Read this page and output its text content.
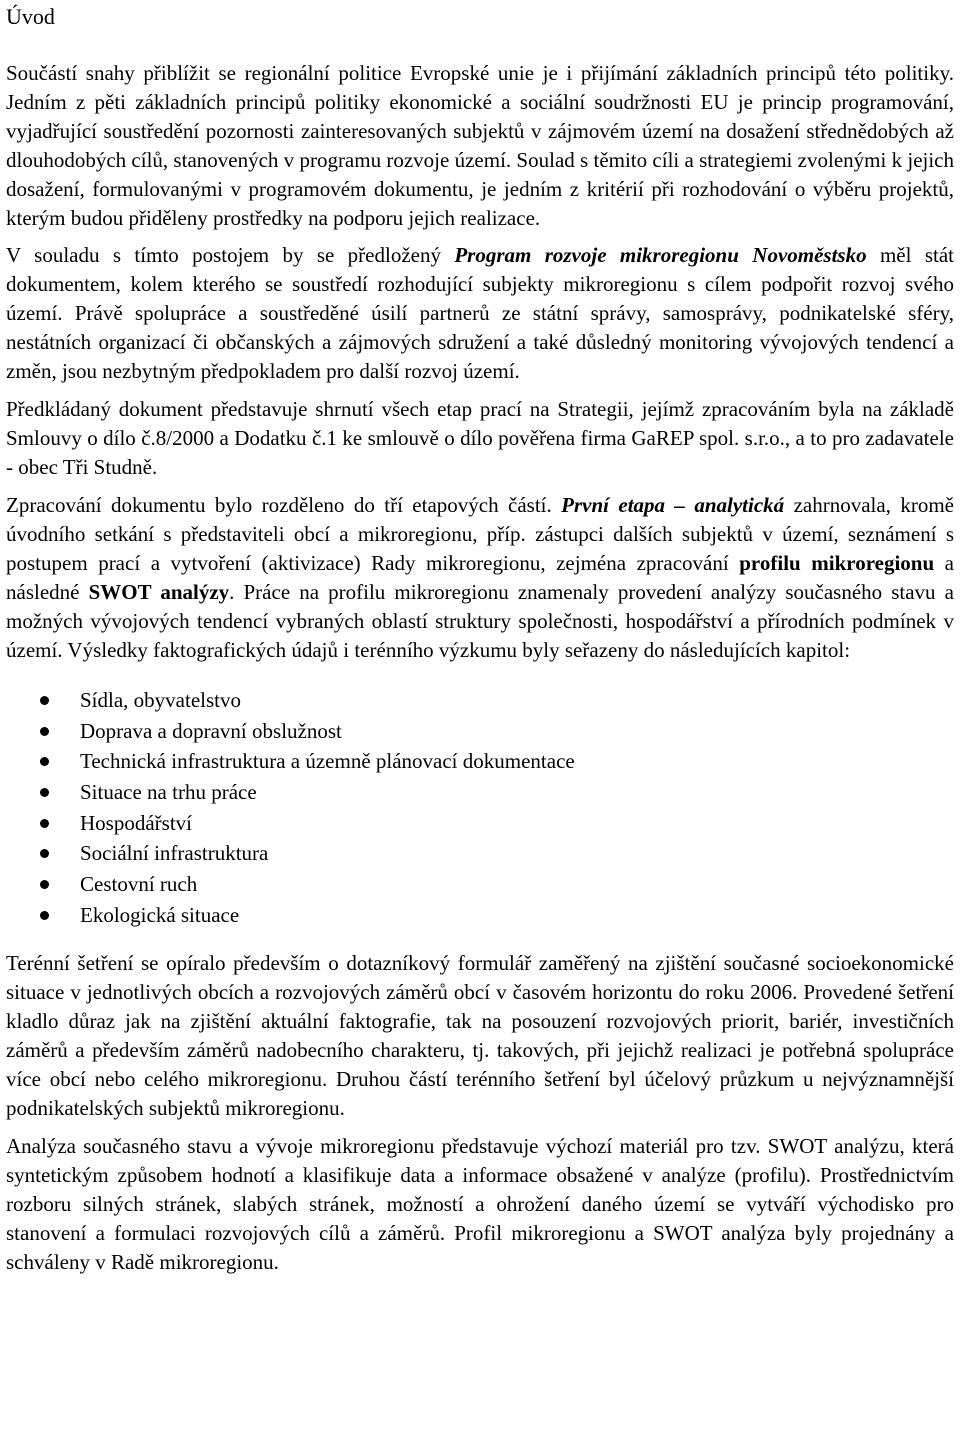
Úvod

Součástí snahy přiblížit se regionální politice Evropské unie je i přijímání základních principů této politiky. Jedním z pěti základních principů politiky ekonomické a sociální soudržnosti EU je princip programování, vyjadřující soustředění pozornosti zainteresovaných subjektů v zájmovém území na dosažení střednědobých až dlouhodobých cílů, stanovených v programu rozvoje území. Soulad s těmito cíli a strategiemi zvolenými k jejich dosažení, formulovanými v programovém dokumentu, je jedním z kritérií při rozhodování o výběru projektů, kterým budou přiděleny prostředky na podporu jejich realizace.

V souladu s tímto postojem by se předložený Program rozvoje mikroregionu Novoměstsko měl stát dokumentem, kolem kterého se soustředí rozhodující subjekty mikroregionu s cílem podpořit rozvoj svého území. Právě spolupráce a soustředěné úsilí partnerů ze státní správy, samosprávy, podnikatelské sféry, nestátních organizací či občanských a zájmových sdružení a také důsledný monitoring vývojových tendencí a změn, jsou nezbytným předpokladem pro další rozvoj území.

Předkládaný dokument představuje shrnutí všech etap prací na Strategii, jejímž zpracováním byla na základě Smlouvy o dílo č.8/2000 a Dodatku č.1 ke smlouvě o dílo pověřena firma GaREP spol. s.r.o., a to pro zadavatele - obec Tři Studně.

Zpracování dokumentu bylo rozděleno do tří etapových částí. První etapa – analytická zahrnovala, kromě úvodního setkání s představiteli obcí a mikroregionu, příp. zástupci dalších subjektů v území, seznámení s postupem prací a vytvoření (aktivizace) Rady mikroregionu, zejména zpracování profilu mikroregionu a následné SWOT analýzy. Práce na profilu mikroregionu znamenaly provedení analýzy současného stavu a možných vývojových tendencí vybraných oblastí struktury společnosti, hospodářství a přírodních podmínek v území. Výsledky faktografických údajů i terénního výzkumu byly seřazeny do následujících kapitol:

Sídla, obyvatelstvo
Doprava a dopravní obslužnost
Technická infrastruktura a územně plánovací dokumentace
Situace na trhu práce
Hospodářství
Sociální infrastruktura
Cestovní ruch
Ekologická situace

Terénní šetření se opíralo především o dotazníkový formulář zaměřený na zjištění současné socioekonomické situace v jednotlivých obcích a rozvojových záměrů obcí v časovém horizontu do roku 2006. Provedené šetření kladlo důraz jak na zjištění aktuální faktografie, tak na posouzení rozvojových priorit, bariér, investičních záměrů a především záměrů nadobecního charakteru, tj. takových, při jejichž realizaci je potřebná spolupráce více obcí nebo celého mikroregionu. Druhou částí terénního šetření byl účelový průzkum u nejvýznamnější podnikatelských subjektů mikroregionu.

Analýza současného stavu a vývoje mikroregionu představuje výchozí materiál pro tzv. SWOT analýzu, která syntetickým způsobem hodnotí a klasifikuje data a informace obsažené v analýze (profilu). Prostřednictvím rozboru silných stránek, slabých stránek, možností a ohrožení daného území se vytváří východisko pro stanovení a formulaci rozvojových cílů a záměrů. Profil mikroregionu a SWOT analýza byly projednány a schváleny v Radě mikroregionu.
